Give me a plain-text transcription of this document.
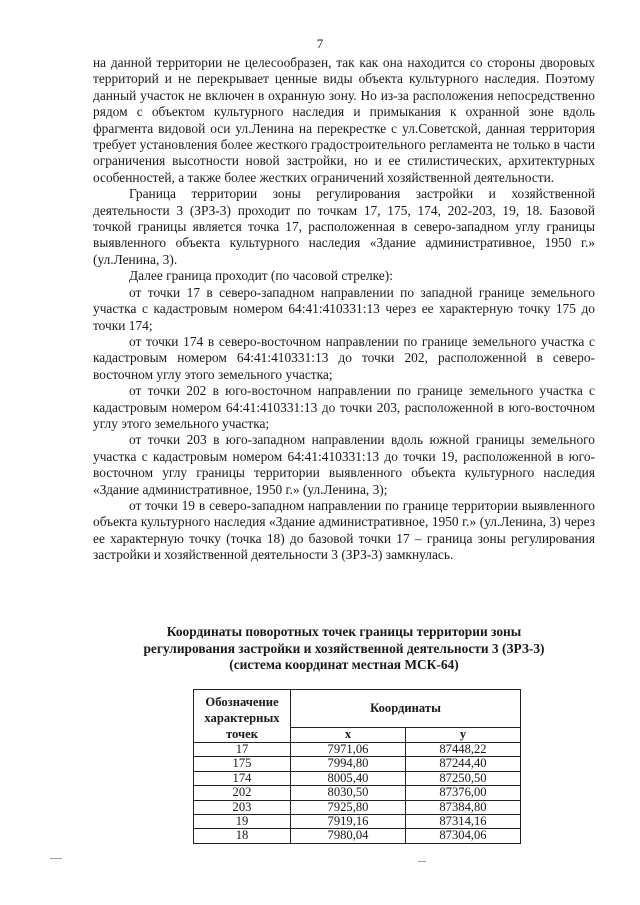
7

на данной территории не целесообразен, так как она находится со стороны дворовых территорий и не перекрывает ценные виды объекта культурного наследия. Поэтому данный участок не включен в охранную зону. Но из-за расположения непосредственно рядом с объектом культурного наследия и примыкания к охранной зоне вдоль фрагмента видовой оси ул.Ленина на перекрестке с ул.Советской, данная территория требует установления более жесткого градостроительного регламента не только в части ограничения высотности новой застройки, но и ее стилистических, архитектурных особенностей, а также более жестких ограничений хозяйственной деятельности.

Граница территории зоны регулирования застройки и хозяйственной деятельности 3 (ЗРЗ-3) проходит по точкам 17, 175, 174, 202-203, 19, 18. Базовой точкой границы является точка 17, расположенная в северо-западном углу границы выявленного объекта культурного наследия «Здание административное, 1950 г.» (ул.Ленина, 3).

Далее граница проходит (по часовой стрелке):

от точки 17 в северо-западном направлении по западной границе земельного участка с кадастровым номером 64:41:410331:13 через ее характерную точку 175 до точки 174;

от точки 174 в северо-восточном направлении по границе земельного участка с кадастровым номером 64:41:410331:13 до точки 202, расположенной в северо-восточном углу этого земельного участка;

от точки 202 в юго-восточном направлении по границе земельного участка с кадастровым номером 64:41:410331:13 до точки 203, расположенной в юго-восточном углу этого земельного участка;

от точки 203 в юго-западном направлении вдоль южной границы земельного участка с кадастровым номером 64:41:410331:13 до точки 19, расположенной в юго-восточном углу границы территории выявленного объекта культурного наследия «Здание административное, 1950 г.» (ул.Ленина, 3);

от точки 19 в северо-западном направлении по границе территории выявленного объекта культурного наследия «Здание административное, 1950 г.» (ул.Ленина, 3) через ее характерную точку (точка 18) до базовой точки 17 – граница зоны регулирования застройки и хозяйственной деятельности 3 (ЗРЗ-3) замкнулась.

Координаты поворотных точек границы территории зоны
регулирования застройки и хозяйственной деятельности 3 (ЗРЗ-3)
(система координат местная МСК-64)
Обозначение характерных точек	Координаты	
	x	y
17	7971,06	87448,22
175	7994,80	87244,40
174	8005,40	87250,50
202	8030,50	87376,00
203	7925,80	87384,80
19	7919,16	87314,16
18	7980,04	87304,06
